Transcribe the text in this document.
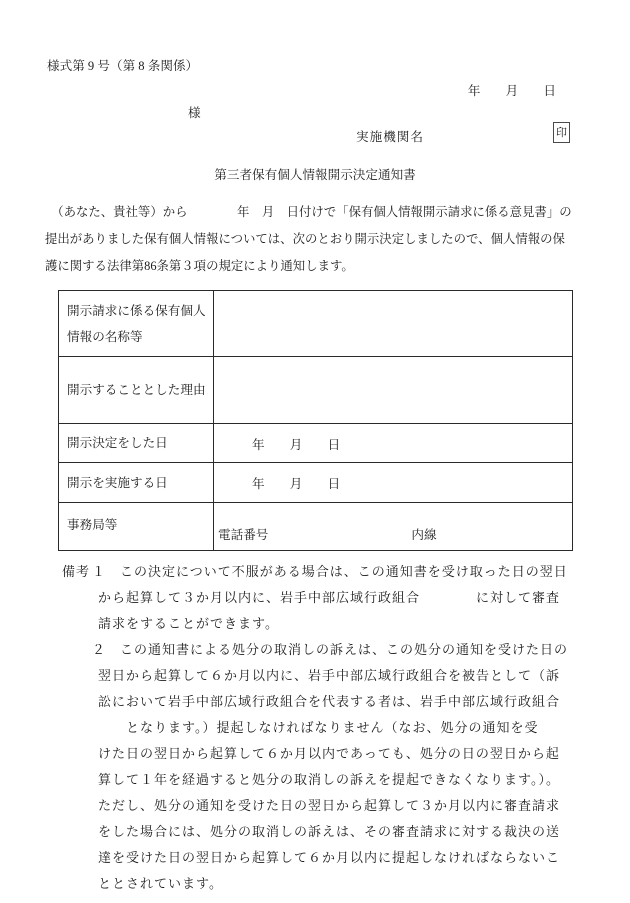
様式第 9 号（第 8 条関係）
年　　月　　日
様
実施機関名	印
第三者保有個人情報開示決定通知書
　（あなた、貴社等）から　　　　年　月　日付けで「保有個人情報開示請求に係る意見書」の
提出がありました保有個人情報については、次のとおり開示決定しましたので、個人情報の保
護に関する法律第86条第３項の規定により通知します。
開示請求に係る保有個人
情報の名称等	

開示することとした理由	
開示決定をした日	年　　月　　日
開示を実施する日	年　　月　　日
事務局等	電話番号 内線
備考 １　この決定について不服がある場合は、この通知書を受け取った日の翌日
から起算して３か月以内に、岩手中部広域行政組合　　　　に対して審査
請求をすることができます。
２　この通知書による処分の取消しの訴えは、この処分の通知を受けた日の
翌日から起算して６か月以内に、岩手中部広域行政組合を被告として（訴
訟において岩手中部広域行政組合を代表する者は、岩手中部広域行政組合
　　となります。）提起しなければなりません（なお、処分の通知を受
けた日の翌日から起算して６か月以内であっても、処分の日の翌日から起
算して１年を経過すると処分の取消しの訴えを提起できなくなります。）。
ただし、処分の通知を受けた日の翌日から起算して３か月以内に審査請求
をした場合には、処分の取消しの訴えは、その審査請求に対する裁決の送
達を受けた日の翌日から起算して６か月以内に提起しなければならないこ
ととされています。
